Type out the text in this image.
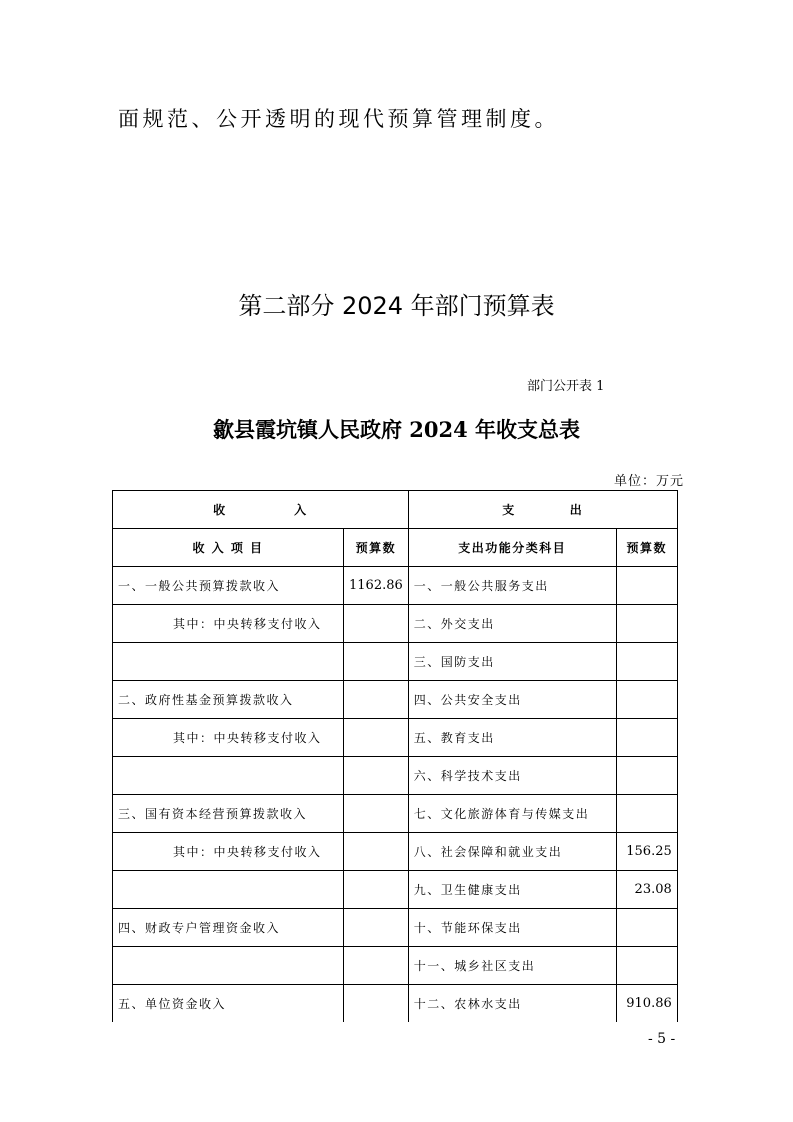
面规范、公开透明的现代预算管理制度。
第二部分 2024 年部门预算表
部门公开表 1
歙县霞坑镇人民政府 2024 年收支总表
单位：万元
收　　　　　入		支　　　　出	
收 入 项 目	预算数	支出功能分类科目	预算数
一、一般公共预算拨款收入	1162.86	一、一般公共服务支出	
其中：中央转移支付收入		二、外交支出	
		三、国防支出	
二、政府性基金预算拨款收入		四、公共安全支出	
其中：中央转移支付收入		五、教育支出	
		六、科学技术支出	
三、国有资本经营预算拨款收入		七、文化旅游体育与传媒支出	
其中：中央转移支付收入		八、社会保障和就业支出	156.25
		九、卫生健康支出	23.08
四、财政专户管理资金收入		十、节能环保支出	
		十一、城乡社区支出	
五、单位资金收入		十二、农林水支出	910.86
- 5 -
